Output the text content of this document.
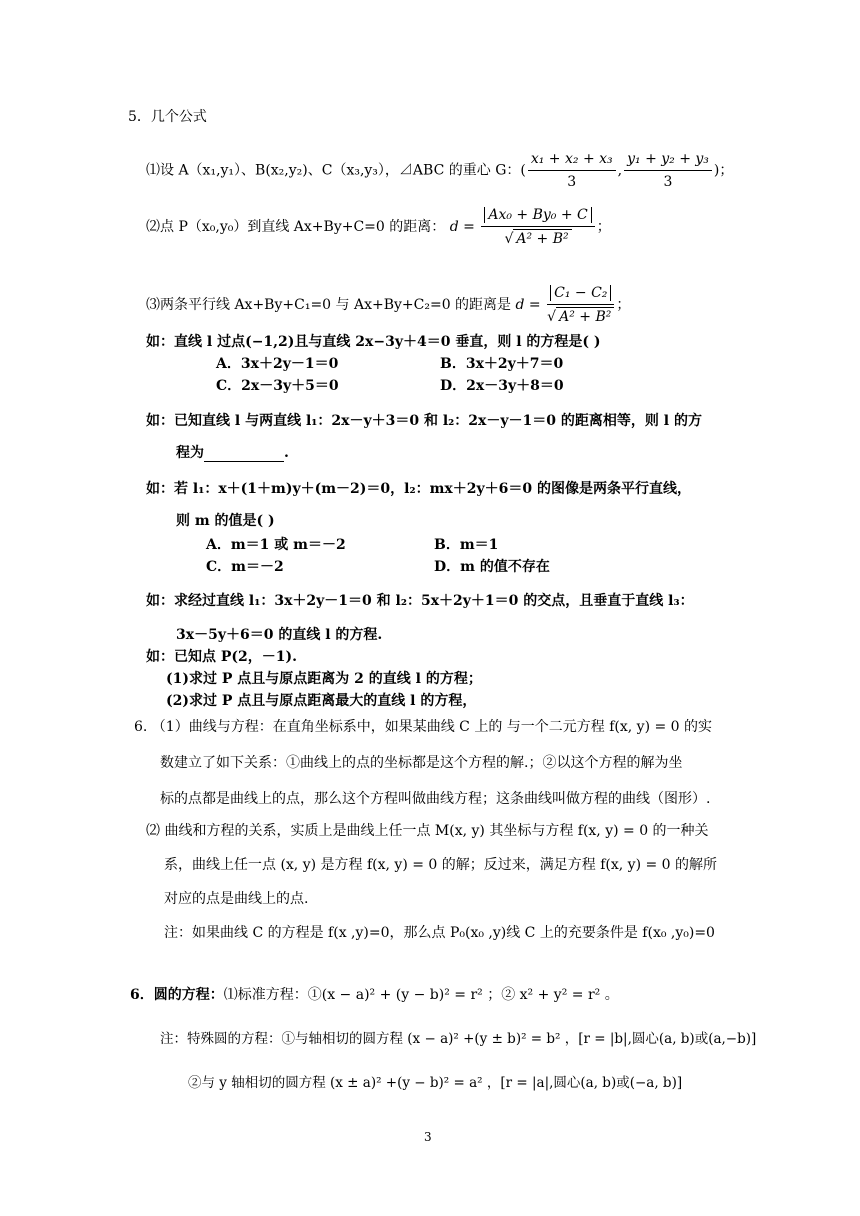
5．几个公式
⑴设 A（x₁,y₁）、B(x₂,y₂)、C（x₃,y₃），⊿ABC 的重心 G：( $\frac{\text{x₁ + x₂ + x₃}}{3}$ , $\frac{\text{y₁ + y₂ + y₃}}{3}$ )；
⑵点 P（x₀,y₀）到直线 Ax+By+C=0 的距离： $d = \frac{\text{Ax₀ + By₀ + C}}{\text{√ A² + B²}}$ ；
⑶两条平行线 Ax+By+C₁=0 与 Ax+By+C₂=0 的距离是 $d = \frac{\text{C₁ − C₂}}{\text{√ A² + B²}}$ ；
如：直线 l 过点(−1,2)且与直线 2x−3y＋4＝0 垂直，则 l 的方程是( )
A．3x＋2y－1＝0	B．3x＋2y＋7＝0
C．2x－3y＋5＝0	D．2x－3y＋8＝0
如：已知直线 l 与两直线 l₁：2x－y＋3＝0 和 l₂：2x－y－1＝0 的距离相等，则 l 的方
程为	.
如：若 l₁：x＋(1＋m)y＋(m－2)＝0，l₂：mx＋2y＋6＝0 的图像是两条平行直线，
则 m 的值是( )
A．m＝1 或 m＝－2	B．m＝1
C．m＝－2	D．m 的值不存在
如：求经过直线 l₁：3x＋2y－1＝0 和 l₂：5x＋2y＋1＝0 的交点，且垂直于直线 l₃：
3x－5y＋6＝0 的直线 l 的方程.
如：已知点 P(2，－1).
(1)求过 P 点且与原点距离为 2 的直线 l 的方程；
(2)求过 P 点且与原点距离最大的直线 l 的方程，
6. （1）曲线与方程：在直角坐标系中，如果某曲线 C 上的 与一个二元方程 f(x, y) = 0 的实
数建立了如下关系：①曲线上的点的坐标都是这个方程的解.；②以这个方程的解为坐
标的点都是曲线上的点，那么这个方程叫做曲线方程；这条曲线叫做方程的曲线（图形）.
⑵ 曲线和方程的关系，实质上是曲线上任一点 M(x, y) 其坐标与方程 f(x, y) = 0 的一种关
系，曲线上任一点 (x, y) 是方程 f(x, y) = 0 的解；反过来，满足方程 f(x, y) = 0 的解所
对应的点是曲线上的点.
注：如果曲线 C 的方程是 f(x ,y)=0，那么点 P₀(x₀ ,y)线 C 上的充要条件是 f(x₀ ,y₀)=0
6．圆的方程：⑴标准方程：①(x − a)² + (y − b)² = r² ；② x² + y² = r² 。
注：特殊圆的方程：①与轴相切的圆方程 (x − a)² +(y ± b)² = b² ，[r = |b|,圆心(a, b)或(a,−b)]
②与 y 轴相切的圆方程 (x ± a)² +(y − b)² = a² ，[r = |a|,圆心(a, b)或(−a, b)]
3
